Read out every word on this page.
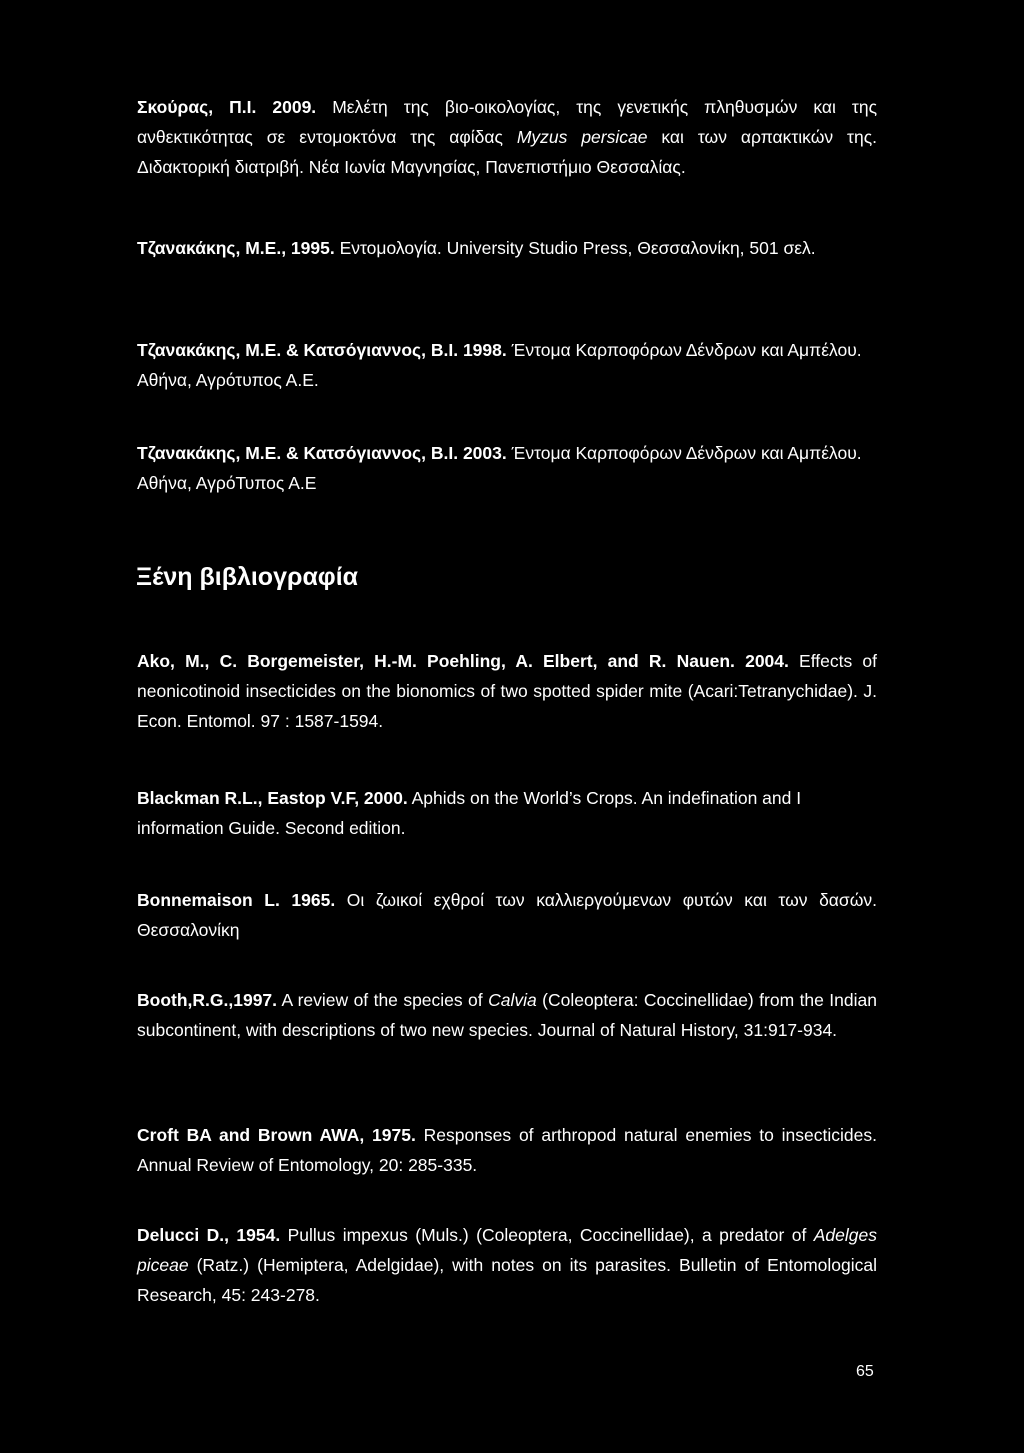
Σκούρας, Π.Ι. 2009. Μελέτη της βιο-οικολογίας, της γενετικής πληθυσμών και της ανθεκτικότητας σε εντομοκτόνα της αφίδας Myzus persicae και των αρπακτικών της. Διδακτορική διατριβή. Νέα Ιωνία Μαγνησίας, Πανεπιστήμιο Θεσσαλίας.

Τζανακάκης, Μ.Ε., 1995. Εντομολογία. University Studio Press, Θεσσαλονίκη, 501 σελ.

Τζανακάκης, Μ.Ε. & Κατσόγιαννος, Β.Ι. 1998. Έντομα Καρποφόρων Δένδρων και Αμπέλου. Αθήνα, Αγρότυπος Α.Ε.

Τζανακάκης, Μ.Ε. & Κατσόγιαννος, Β.Ι. 2003. Έντομα Καρποφόρων Δένδρων και Αμπέλου. Αθήνα, ΑγρόΤυπος Α.Ε

Ξένη βιβλιογραφία

Ako, M., C. Borgemeister, H.-M. Poehling, A. Elbert, and R. Nauen. 2004. Effects of neonicotinoid insecticides on the bionomics of two spotted spider mite (Acari:Tetranychidae). J. Econ. Entomol. 97 : 1587-1594.

Blackman R.L., Eastop V.F, 2000. Aphids on the World’s Crops. An indefination and I information Guide. Second edition.

Bonnemaison L. 1965. Οι ζωικοί εχθροί των καλλιεργούμενων φυτών και των δασών. Θεσσαλονίκη

Booth,R.G.,1997. A review of the species of Calvia (Coleoptera: Coccinellidae) from the Indian subcontinent, with descriptions of two new species. Journal of Natural History, 31:917-934.

Croft BA and Brown AWA, 1975. Responses of arthropod natural enemies to insecticides. Annual Review of Entomology, 20: 285-335.

Delucci D., 1954. Pullus impexus (Muls.) (Coleoptera, Coccinellidae), a predator of Adelges piceae (Ratz.) (Hemiptera, Adelgidae), with notes on its parasites. Bulletin of Entomological Research, 45: 243-278.

65
